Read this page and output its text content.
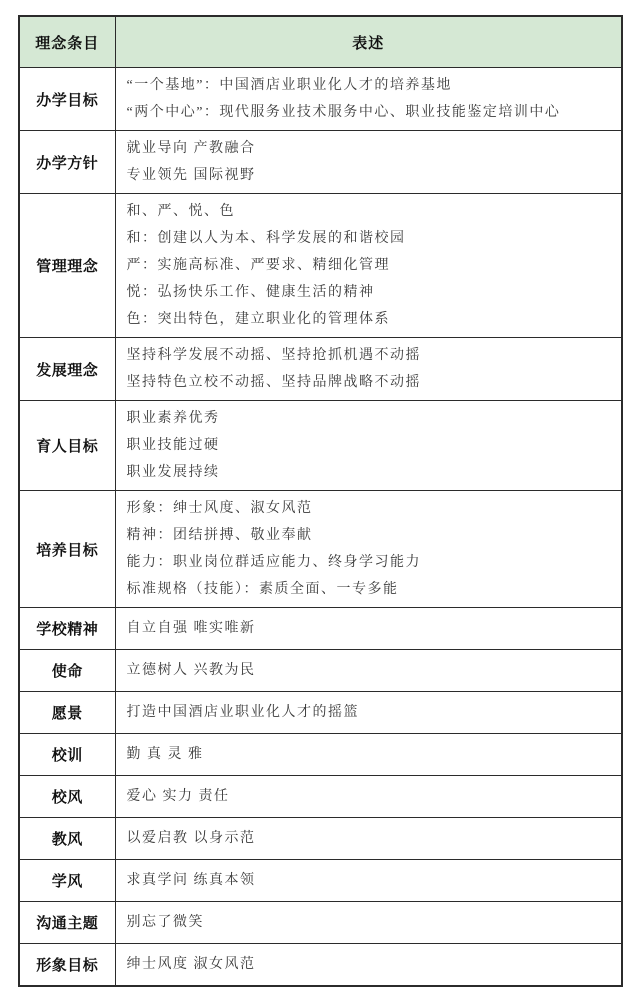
理念条目	表述
办学目标	“一个基地”：中国酒店业职业化人才的培养基地
“两个中心”：现代服务业技术服务中心、职业技能鉴定培训中心

办学方针	就业导向 产教融合
专业领先 国际视野

管理理念	和、严、悦、色
和：创建以人为本、科学发展的和谐校园
严：实施高标准、严要求、精细化管理
悦：弘扬快乐工作、健康生活的精神
色：突出特色，建立职业化的管理体系

发展理念	坚持科学发展不动摇、坚持抢抓机遇不动摇
坚持特色立校不动摇、坚持品牌战略不动摇

育人目标	职业素养优秀
职业技能过硬
职业发展持续

培养目标	形象：绅士风度、淑女风范
精神：团结拼搏、敬业奉献
能力：职业岗位群适应能力、终身学习能力
标准规格（技能）：素质全面、一专多能

学校精神	自立自强 唯实唯新

使命	立德树人 兴教为民

愿景	打造中国酒店业职业化人才的摇篮

校训	勤 真 灵 雅

校风	爱心 实力 责任

教风	以爱启教 以身示范

学风	求真学问 练真本领

沟通主题	别忘了微笑

形象目标	绅士风度 淑女风范
